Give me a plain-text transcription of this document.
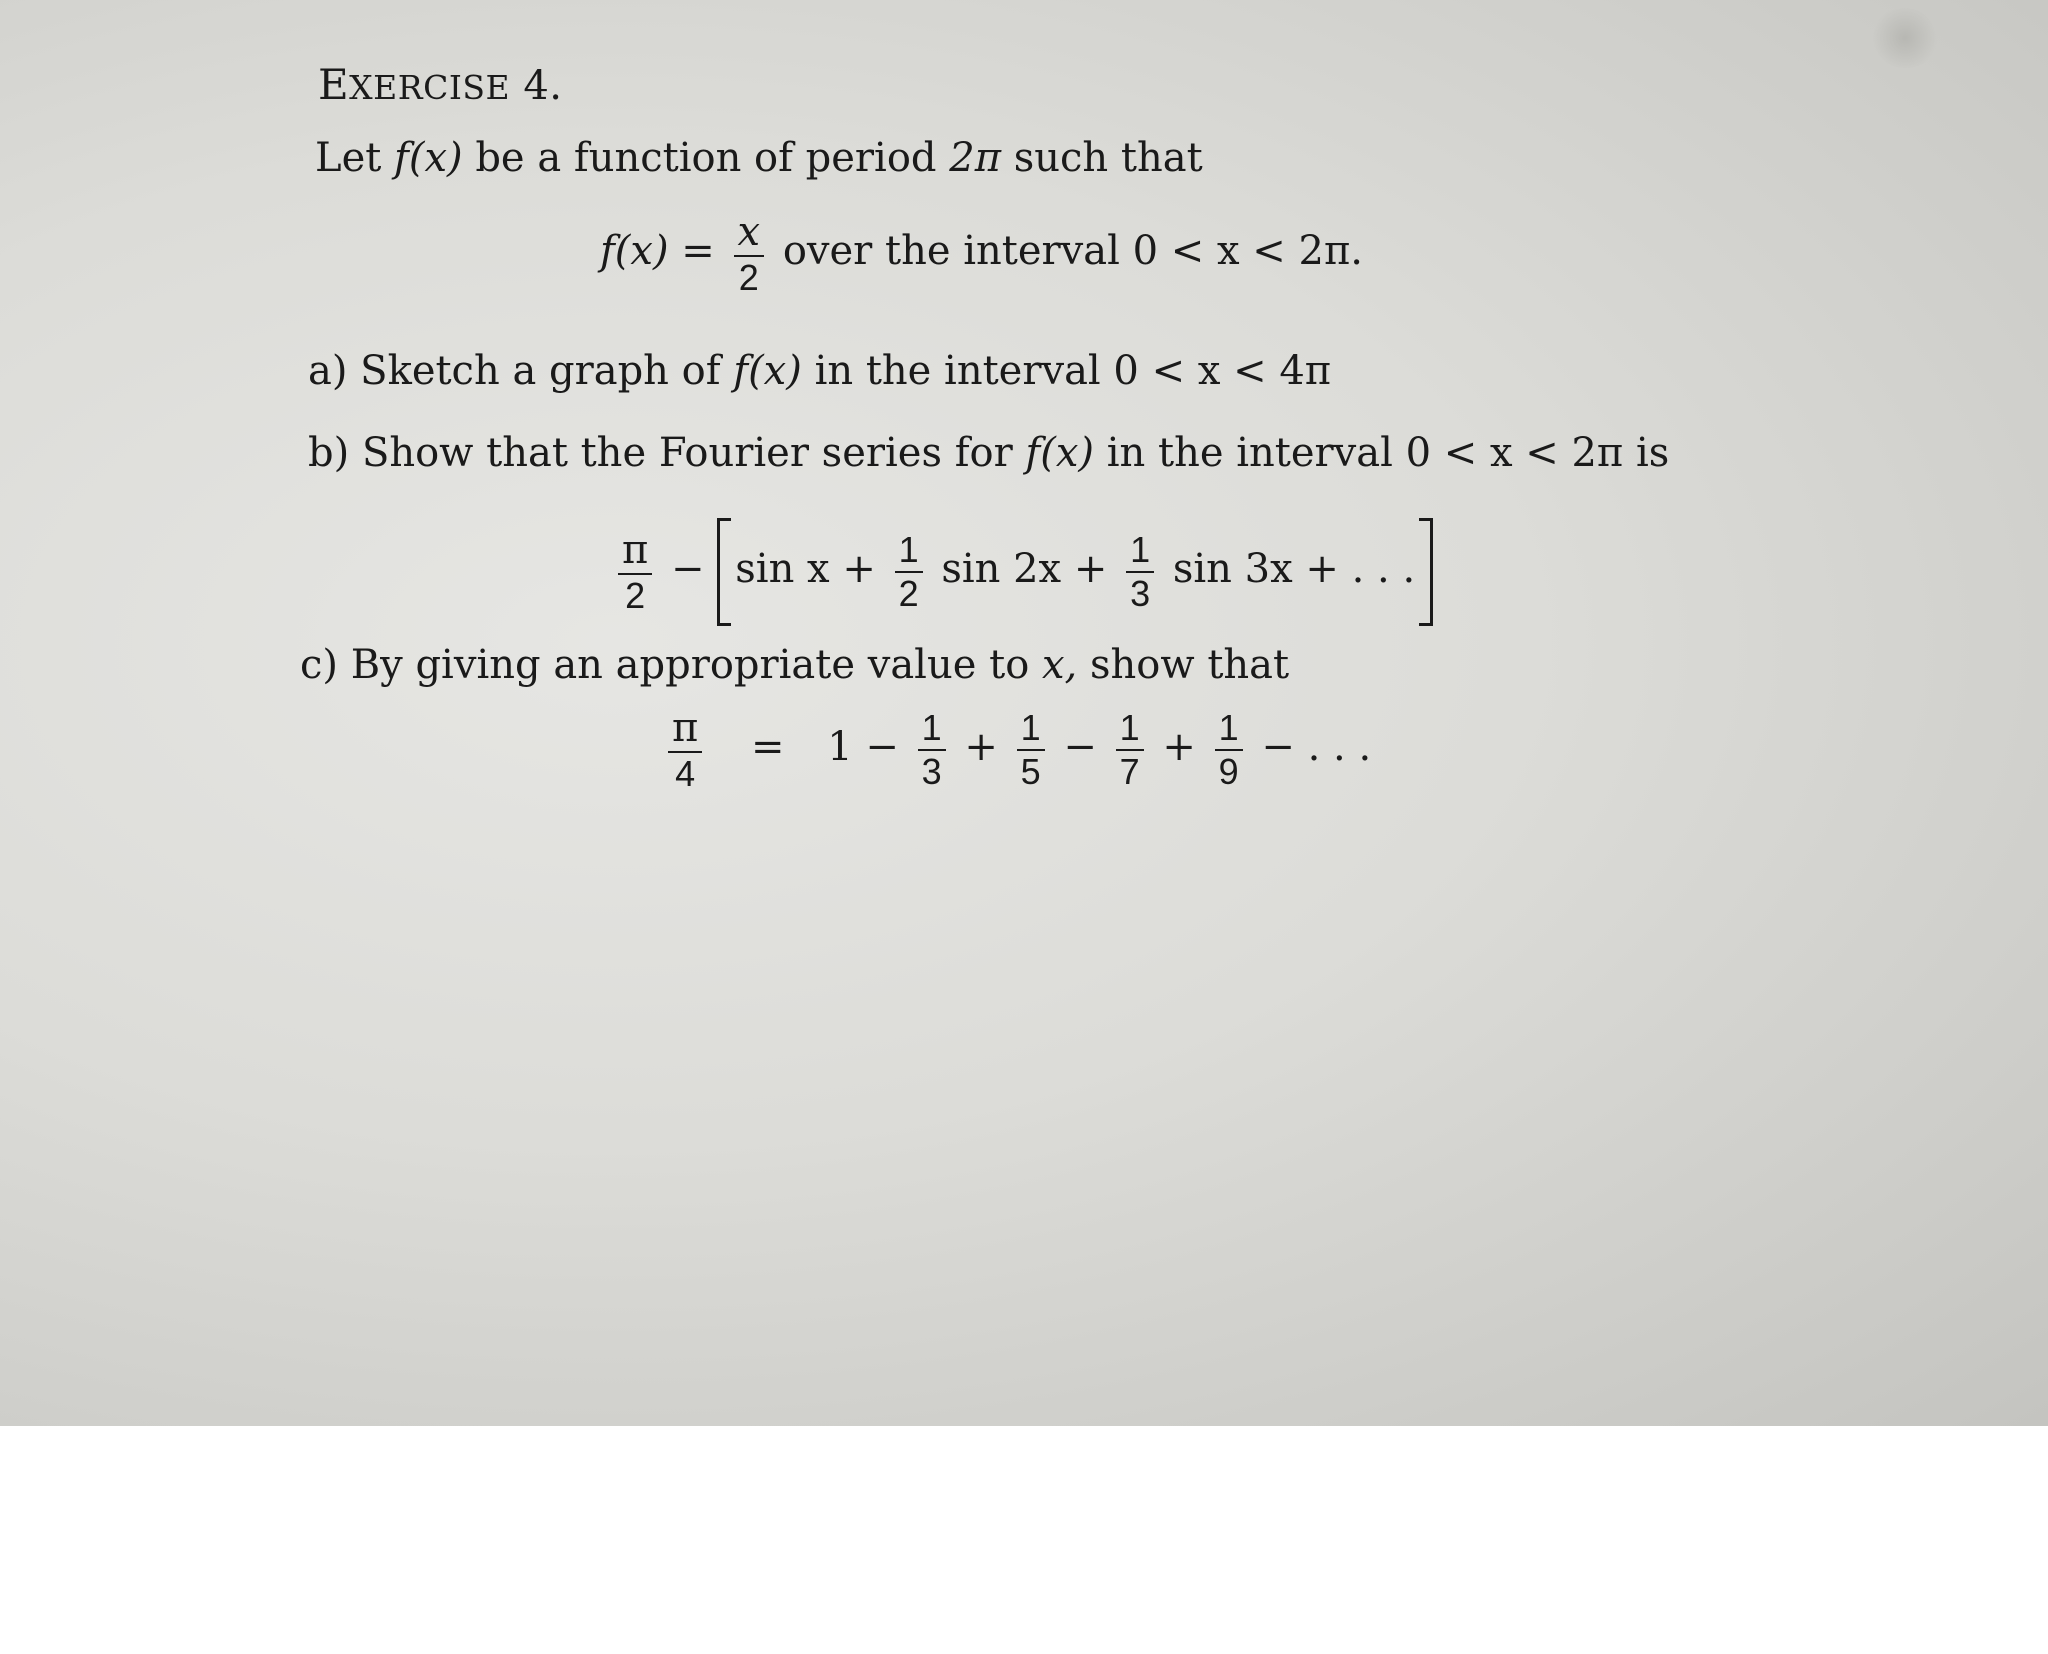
EXERCISE 4.
Let f(x) be a function of period 2π such that
$f(x) = \frac{x}{2}$ over the interval 0 < x < 2π.
a) Sketch a graph of f(x) in the interval 0 < x < 4π
b) Show that the Fourier series for f(x) in the interval 0 < x < 2π is
$\frac{\pi}{2} - \sin x + \frac{1}{2}$ $\sin 2x + \frac{1}{3}$ sin 3x + . . .
c) By giving an appropriate value to x, show that
$\frac{\pi}{4} = 1 - \frac{1}{3} + \frac{1}{5} - \frac{1}{7} + \frac{1}{9}$ − . . .
